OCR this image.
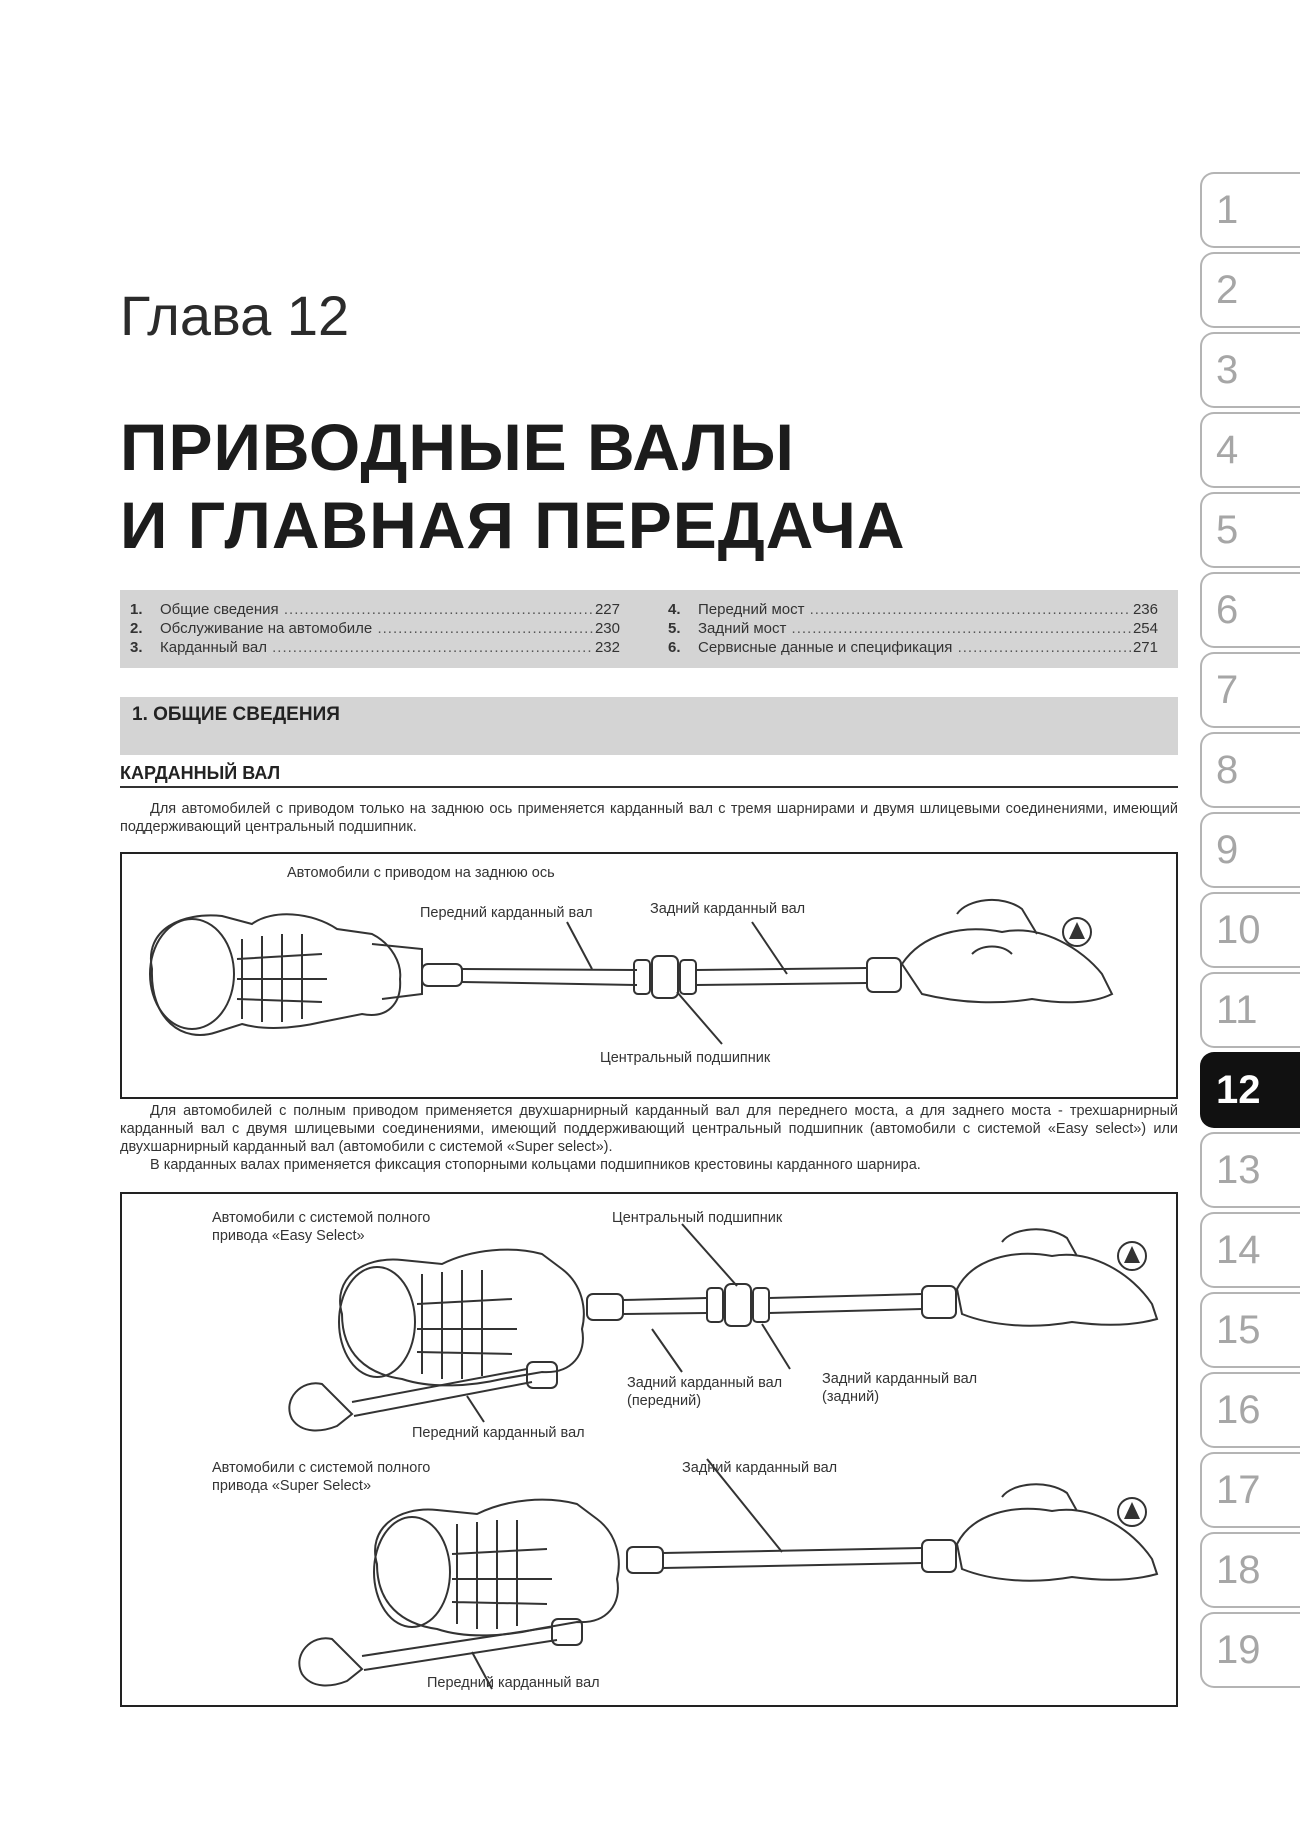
Глава 12
ПРИВОДНЫЕ ВАЛЫ
И ГЛАВНАЯ ПЕРЕДАЧА
1.	Общие сведения .....	227
2.	Обслуживание на автомобиле .....	230
3.	Карданный вал .....	232
4.	Передний мост .....	236
5.	Задний мост .....	254
6.	Сервисные данные и спецификация .....	271
1. ОБЩИЕ СВЕДЕНИЯ
КАРДАННЫЙ ВАЛ

Для автомобилей с приводом только на заднюю ось применяется карданный вал с тремя шарнирами и двумя шлицевыми соединениями, имеющий поддерживающий центральный подшипник.

Автомобили с приводом на заднюю ось
Передний карданный вал	Задний карданный вал
Центральный подшипник

Для автомобилей с полным приводом применяется двухшарнирный карданный вал для переднего моста, а для заднего моста - трехшарнирный карданный вал с двумя шлицевыми соединениями, имеющий поддерживающий центральный подшипник (автомобили с системой «Easy select») или двухшарнирный карданный вал (автомобили с системой «Super select»).

В карданных валах применяется фиксация стопорными кольцами подшипников крестовины карданного шарнира.

Автомобили с системой полного
привода «Easy Select»
Центральный подшипник
Задний карданный вал
(передний)
Задний карданный вал
(задний)
Передний карданный вал
Автомобили с системой полного
привода «Super Select»
Задний карданный вал
Передний карданный вал
1
2
3
4
5
6
7
8
9
10
11
12
13
14
15
16
17
18
19
